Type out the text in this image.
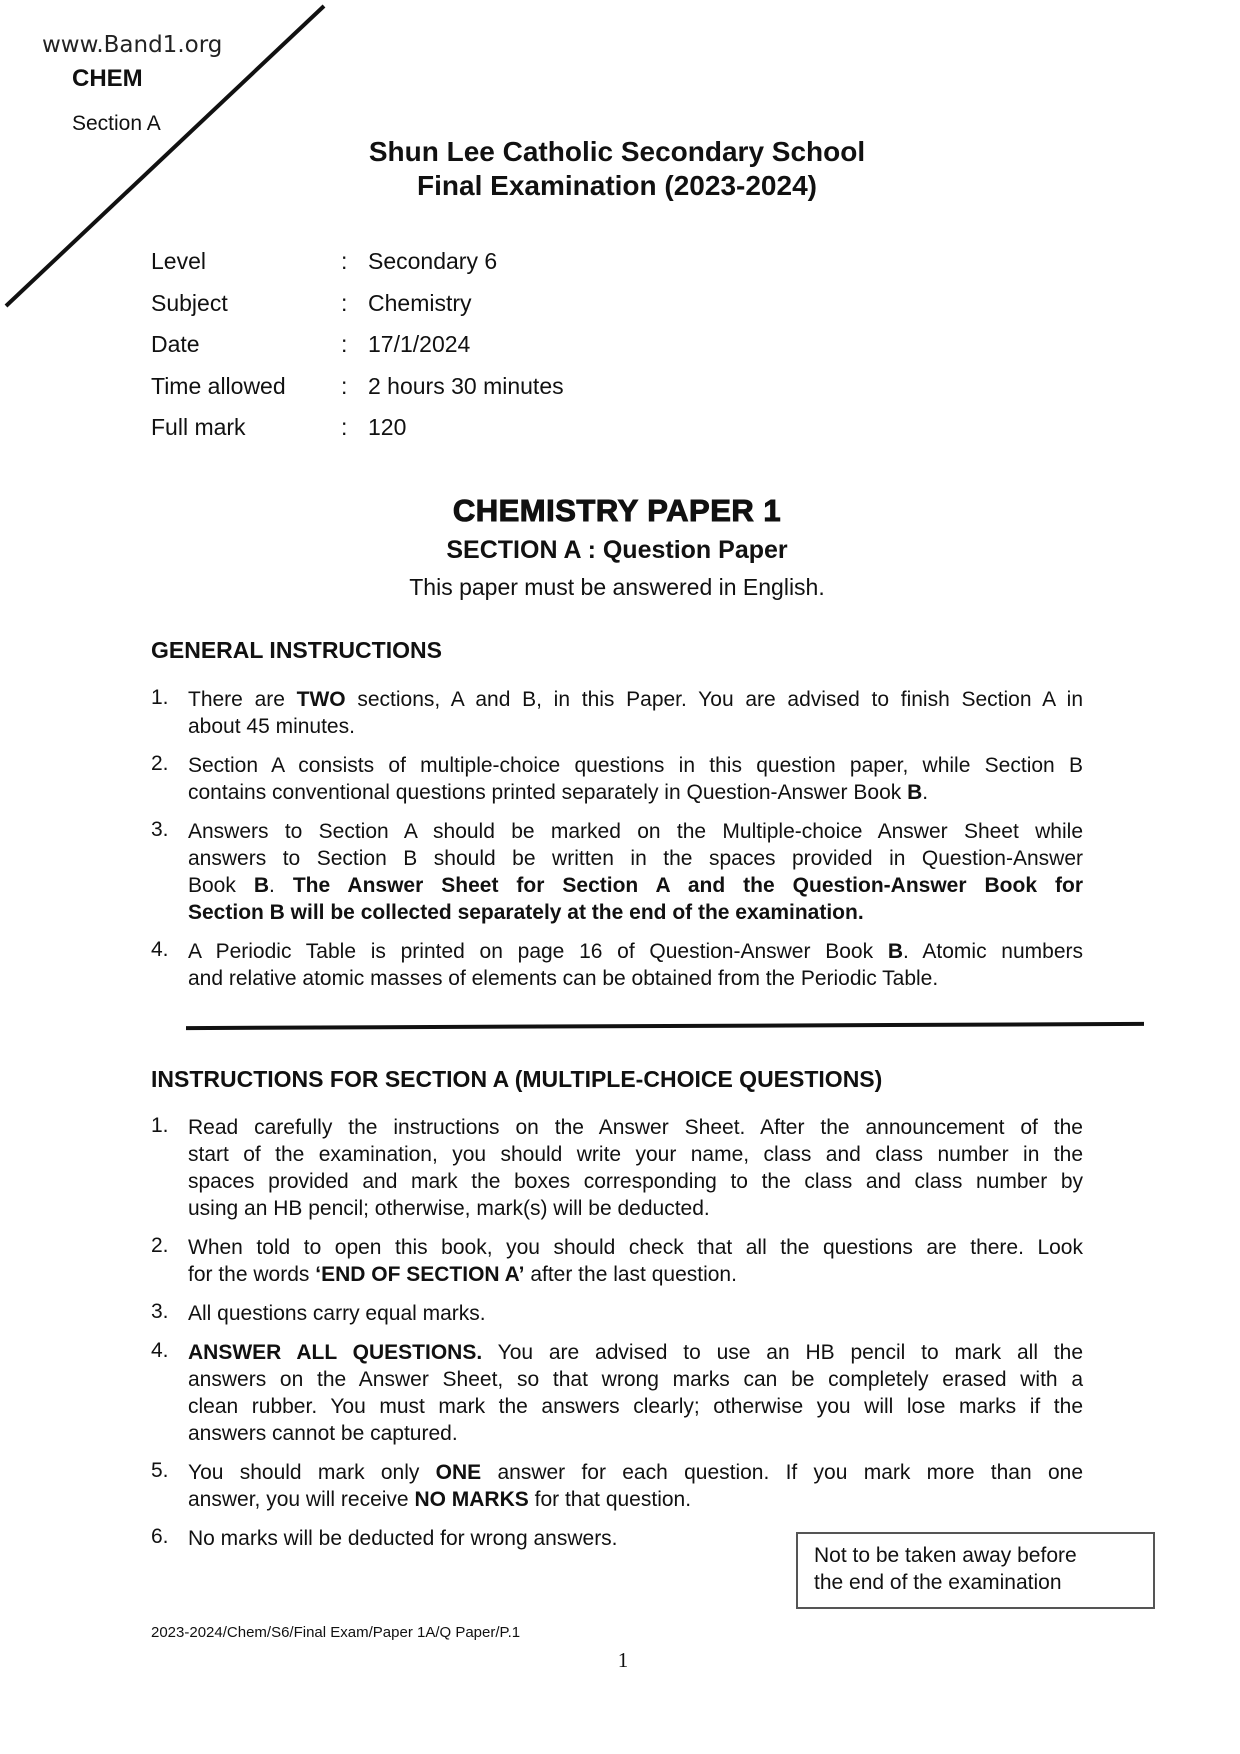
www.Band1.org
CHEM
Section A
Shun Lee Catholic Secondary School
Final Examination (2023-2024)
Level	: Secondary 6
Subject	: Chemistry
Date	: 17/1/2024
Time allowed	: 2 hours 30 minutes
Full mark	: 120
CHEMISTRY PAPER 1
SECTION A : Question Paper
This paper must be answered in English.
GENERAL INSTRUCTIONS
1. There are TWO sections, A and B, in this Paper. You are advised to finish Section A in
about 45 minutes.
2. Section A consists of multiple-choice questions in this question paper, while Section B
contains conventional questions printed separately in Question-Answer Book B.
3. Answers to Section A should be marked on the Multiple-choice Answer Sheet while
answers to Section B should be written in the spaces provided in Question-Answer
Book B. The Answer Sheet for Section A and the Question-Answer Book for
Section B will be collected separately at the end of the examination.
4. A Periodic Table is printed on page 16 of Question-Answer Book B. Atomic numbers
and relative atomic masses of elements can be obtained from the Periodic Table.
INSTRUCTIONS FOR SECTION A (MULTIPLE-CHOICE QUESTIONS)
1. Read carefully the instructions on the Answer Sheet. After the announcement of the
start of the examination, you should write your name, class and class number in the
spaces provided and mark the boxes corresponding to the class and class number by
using an HB pencil; otherwise, mark(s) will be deducted.
2. When told to open this book, you should check that all the questions are there. Look
for the words ‘END OF SECTION A’ after the last question.
3. All questions carry equal marks.
4. ANSWER ALL QUESTIONS. You are advised to use an HB pencil to mark all the
answers on the Answer Sheet, so that wrong marks can be completely erased with a
clean rubber. You must mark the answers clearly; otherwise you will lose marks if the
answers cannot be captured.
5. You should mark only ONE answer for each question. If you mark more than one
answer, you will receive NO MARKS for that question.
6. No marks will be deducted for wrong answers.
Not to be taken away before
the end of the examination
2023-2024/Chem/S6/Final Exam/Paper 1A/Q Paper/P.1
1
